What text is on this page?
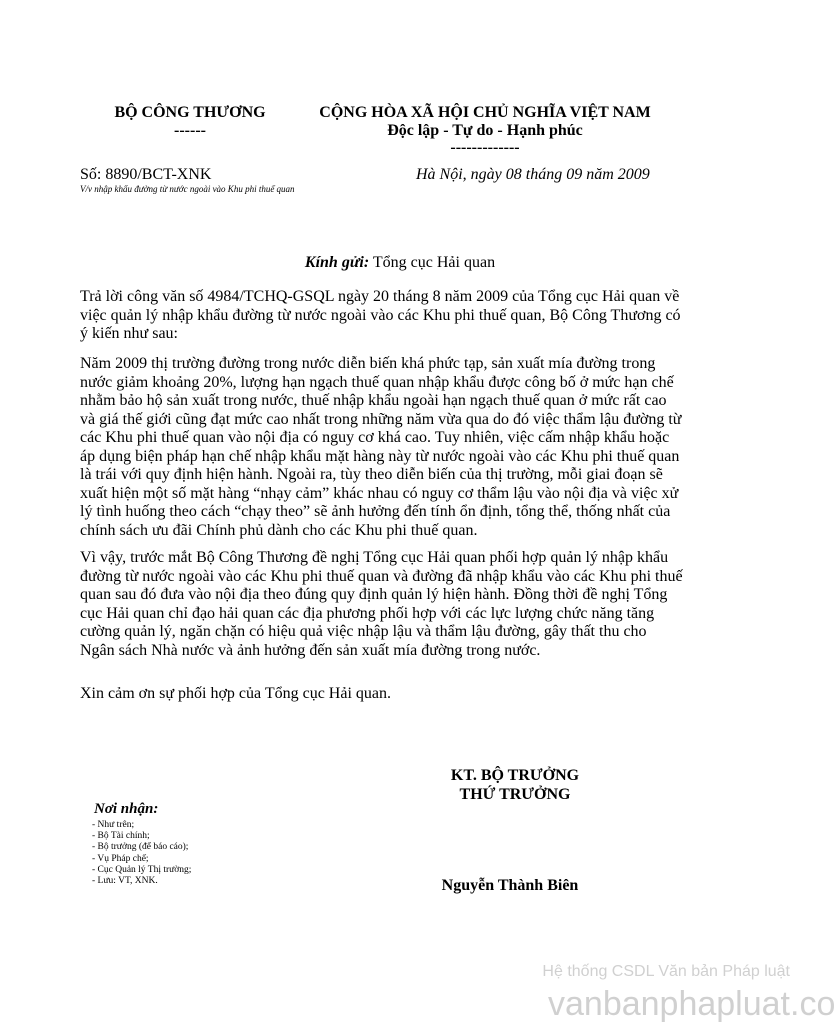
BỘ CÔNG THƯƠNG
------
CỘNG HÒA XÃ HỘI CHỦ NGHĨA VIỆT NAM
Độc lập - Tự do - Hạnh phúc
-------------
Số: 8890/BCT-XNK
V/v nhập khẩu đường từ nước ngoài vào Khu phi thuế quan
Hà Nội, ngày 08 tháng 09 năm 2009
Kính gửi: Tổng cục Hải quan
Trả lời công văn số 4984/TCHQ-GSQL ngày 20 tháng 8 năm 2009 của Tổng cục Hải quan về việc quản lý nhập khẩu đường từ nước ngoài vào các Khu phi thuế quan, Bộ Công Thương có ý kiến như sau:
Năm 2009 thị trường đường trong nước diễn biến khá phức tạp, sản xuất mía đường trong nước giảm khoảng 20%, lượng hạn ngạch thuế quan nhập khẩu được công bố ở mức hạn chế nhằm bảo hộ sản xuất trong nước, thuế nhập khẩu ngoài hạn ngạch thuế quan ở mức rất cao và giá thế giới cũng đạt mức cao nhất trong những năm vừa qua do đó việc thẩm lậu đường từ các Khu phi thuế quan vào nội địa có nguy cơ khá cao. Tuy nhiên, việc cấm nhập khẩu hoặc áp dụng biện pháp hạn chế nhập khẩu mặt hàng này từ nước ngoài vào các Khu phi thuế quan là trái với quy định hiện hành. Ngoài ra, tùy theo diễn biến của thị trường, mỗi giai đoạn sẽ xuất hiện một số mặt hàng “nhạy cảm” khác nhau có nguy cơ thẩm lậu vào nội địa và việc xử lý tình huống theo cách “chạy theo” sẽ ảnh hưởng đến tính ổn định, tổng thể, thống nhất của chính sách ưu đãi Chính phủ dành cho các Khu phi thuế quan.
Vì vậy, trước mắt Bộ Công Thương đề nghị Tổng cục Hải quan phối hợp quản lý nhập khẩu đường từ nước ngoài vào các Khu phi thuế quan và đường đã nhập khẩu vào các Khu phi thuế quan sau đó đưa vào nội địa theo đúng quy định quản lý hiện hành. Đồng thời đề nghị Tổng cục Hải quan chỉ đạo hải quan các địa phương phối hợp với các lực lượng chức năng tăng cường quản lý, ngăn chặn có hiệu quả việc nhập lậu và thẩm lậu đường, gây thất thu cho Ngân sách Nhà nước và ảnh hưởng đến sản xuất mía đường trong nước.
Xin cảm ơn sự phối hợp của Tổng cục Hải quan.
KT. BỘ TRƯỞNG
THỨ TRƯỞNG
Nguyễn Thành Biên
Nơi nhận:
- Như trên;
- Bộ Tài chính;
- Bộ trưởng (để báo cáo);
- Vụ Pháp chế;
- Cục Quản lý Thị trường;
- Lưu: VT, XNK.
Hệ thống CSDL Văn bản Pháp luật
vanbanphapluat.co
